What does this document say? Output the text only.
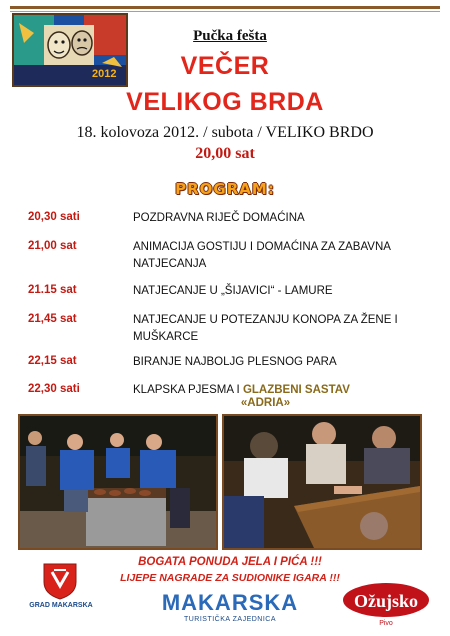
2012
Pučka fešta
VEČER
VELIKOG BRDA
18. kolovoza 2012. / subota / VELIKO BRDO
20,00 sat
PROGRAM:
20,30 sati	POZDRAVNA RIJEČ DOMAĆINA
21,00 sat	ANIMACIJA GOSTIJU I DOMAĆINA ZA ZABAVNA NATJECANJA
21.15 sat	NATJECANJE U „ŠIJAVICI“ - LAMURE
21,45 sat	NATJECANJE U POTEZANJU KONOPA ZA ŽENE I MUŠKARCE
22,15 sat	BIRANJE NAJBOLJG PLESNOG PARA
22,30 sati	KLAPSKA PJESMA I GLAZBENI SASTAV
«ADRIA»
BOGATA PONUDA JELA I PIĆA !!!
LIJEPE NAGRADE ZA SUDIONIKE IGARA !!!
GRAD MAKARSKA	MAKARSKA
TURISTIČKA ZAJEDNICA
Ožujsko
Pivo
